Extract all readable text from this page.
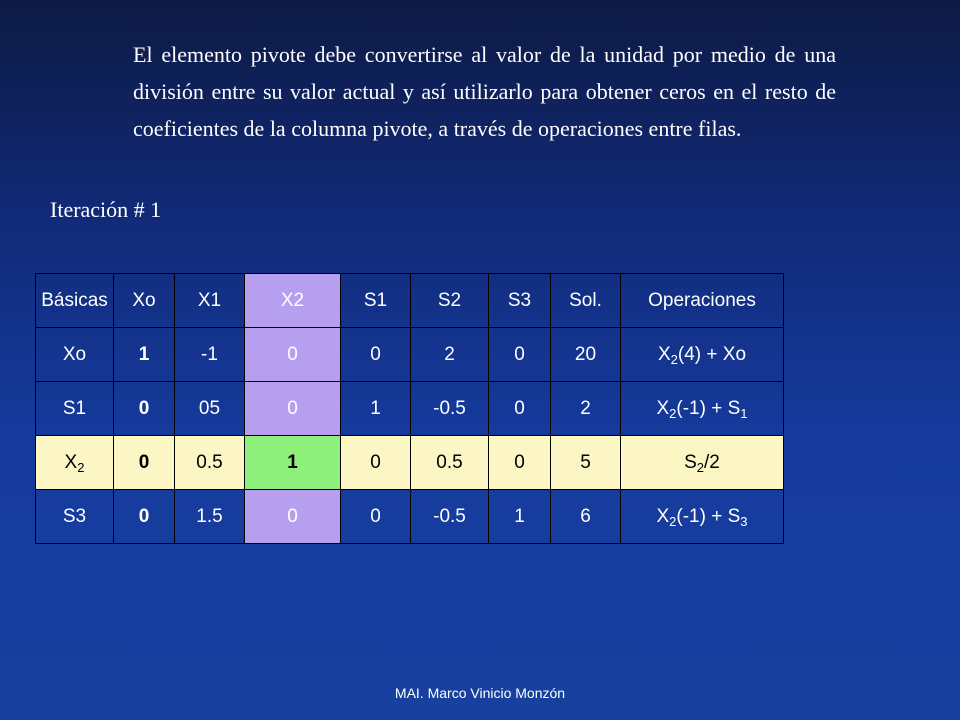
El elemento pivote debe convertirse al valor de la unidad por medio de una división entre su valor actual y así utilizarlo para obtener ceros en el resto de coeficientes de la columna pivote, a través de operaciones entre filas.
Iteración # 1
Básicas	Xo	X1	X2	S1	S2	S3	Sol.	Operaciones
Xo	1	-1	0	0	2	0	20	$X_2(4) + Xo$
S1	0	05	0	1	-0.5	0	2	$X_2(-1) + S_1$
$X_2$	0	0.5	1	0	0.5	0	5	$S_2/2$
S3	0	1.5	0	0	-0.5	1	6	$X_2(-1) + S_3$
MAI. Marco Vinicio Monzón
